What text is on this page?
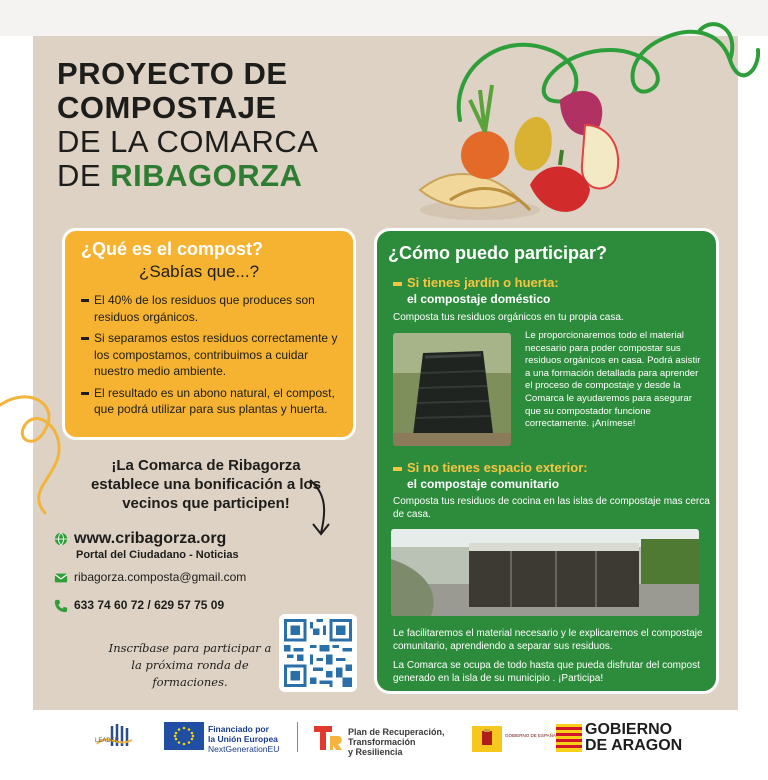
PROYECTO DE
COMPOSTAJE
DE LA COMARCA
DE RIBAGORZA
¿Qué es el compost?
¿Sabías que...?
El 40% de los residuos que produces son residuos orgánicos.
Si separamos estos residuos correctamente y los compostamos, contribuimos a cuidar nuestro medio ambiente.
El resultado es un abono natural, el compost, que podrá utilizar para sus plantas y huerta.
¿Cómo puedo participar?
Si tienes jardín o huerta:
el compostaje doméstico
Composta tus residuos orgánicos en tu propia casa.
Le proporcionaremos todo el material necesario para poder compostar sus residuos orgánicos en casa. Podrá asistir a una formación detallada para aprender el proceso de compostaje y desde la Comarca le ayudaremos para asegurar que su compostador funcione correctamente. ¡Anímese!
Si no tienes espacio exterior:
el compostaje comunitario
Composta tus residuos de cocina en las islas de compostaje mas cerca de casa.
Le facilitaremos el material necesario y le explicaremos el compostaje comunitario, aprendiendo a separar sus residuos.
La Comarca se ocupa de todo hasta que pueda disfrutar del compost generado en la isla de su municipio . ¡Participa!
¡La Comarca de Ribagorza establece una bonificación a los vecinos que participen!
www.cribagorza.org
Portal del Ciudadano - Noticias
ribagorza.composta@gmail.com
633 74 60 72 / 629 57 75 09
Inscríbase para participar a la próxima ronda de formaciones.
LEADER
Financiado por
la Unión Europea
NextGenerationEU
Plan de Recuperación,
Transformación
y Resiliencia
GOBIERNO DE ESPAÑA GOBIERNO
DE ARAGON
